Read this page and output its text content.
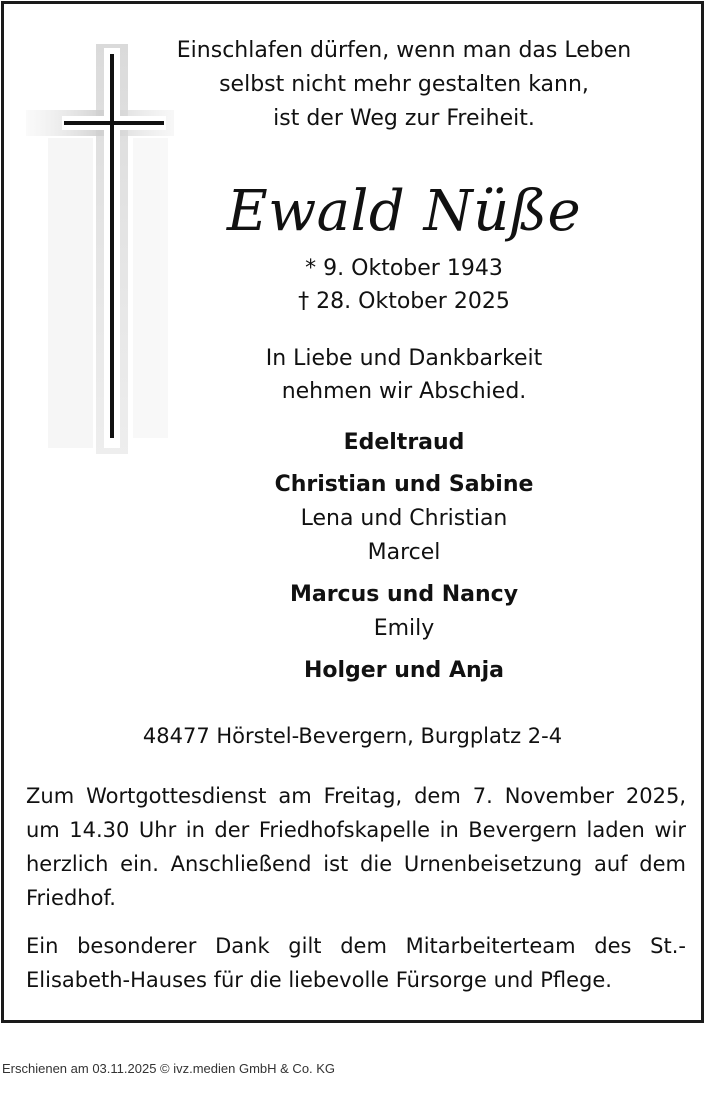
Einschlafen dürfen, wenn man das Leben
selbst nicht mehr gestalten kann,
ist der Weg zur Freiheit.
Ewald Nüße
* 9. Oktober 1943
† 28. Oktober 2025
In Liebe und Dankbarkeit
nehmen wir Abschied.
Edeltraud
Christian und Sabine
Lena und Christian
Marcel
Marcus und Nancy
Emily
Holger und Anja
48477 Hörstel-Bevergern, Burgplatz 2-4
Zum Wortgottesdienst am Freitag, dem 7. November 2025, um 14.30 Uhr in der Friedhofskapelle in Bevergern laden wir herzlich ein. Anschließend ist die Urnenbeisetzung auf dem Friedhof.
Ein besonderer Dank gilt dem Mitarbeiterteam des St.-Elisabeth-Hauses für die liebevolle Fürsorge und Pflege.
Erschienen am 03.11.2025 © ivz.medien GmbH & Co. KG
